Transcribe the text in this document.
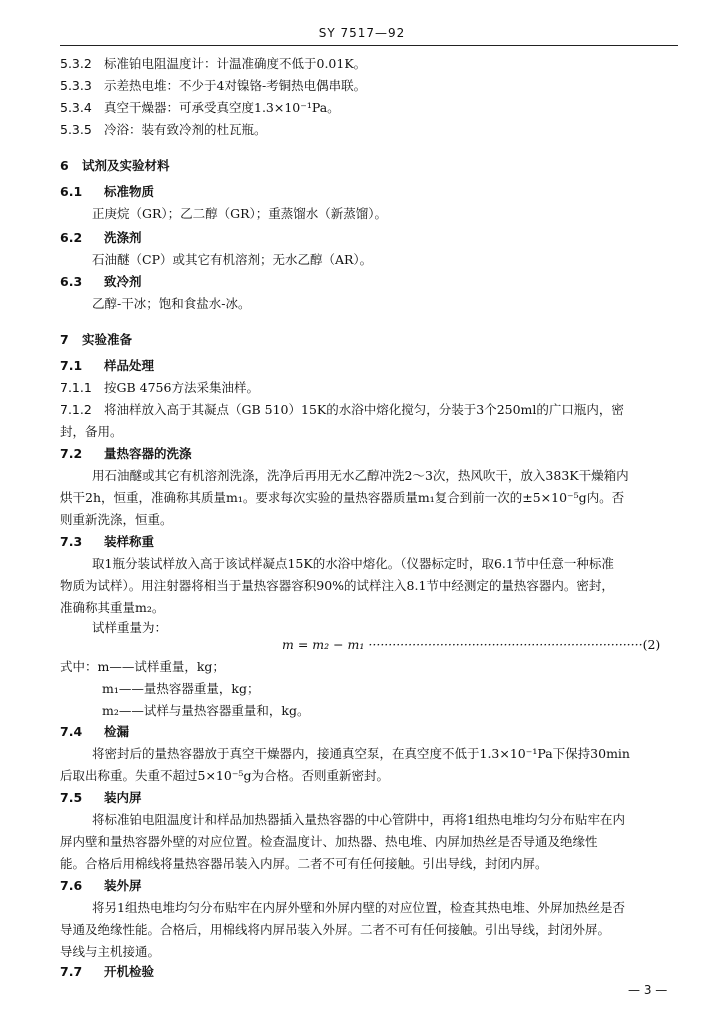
SY 7517—92
5.3.2 标准铂电阻温度计：计温准确度不低于0.01K。
5.3.3 示差热电堆：不少于4对镍铬-考铜热电偶串联。
5.3.4 真空干燥器：可承受真空度1.3×10⁻¹Pa。
5.3.5 冷浴：装有致冷剂的杜瓦瓶。
6 试剂及实验材料
6.1 标准物质
正庚烷（GR）；乙二醇（GR）；重蒸馏水（新蒸馏）。
6.2 洗涤剂
石油醚（CP）或其它有机溶剂；无水乙醇（AR）。
6.3 致冷剂
乙醇-干冰；饱和食盐水-冰。
7 实验准备
7.1 样品处理
7.1.1 按GB 4756方法采集油样。
7.1.2 将油样放入高于其凝点（GB 510）15K的水浴中熔化搅匀，分装于3个250ml的广口瓶内，密
封，备用。
7.2 量热容器的洗涤
用石油醚或其它有机溶剂洗涤，洗净后再用无水乙醇冲洗2～3次，热风吹干，放入383K干燥箱内
烘干2h，恒重，准确称其质量m₁。要求每次实验的量热容器质量m₁复合到前一次的±5×10⁻⁵g内。否
则重新洗涤，恒重。
7.3 装样称重
取1瓶分装试样放入高于该试样凝点15K的水浴中熔化。（仪器标定时，取6.1节中任意一种标准
物质为试样）。用注射器将相当于量热容器容积90%的试样注入8.1节中经测定的量热容器内。密封，
准确称其重量m₂。
试样重量为：
m = m₂ − m₁ ·····································································(2)
式中：m——试样重量，kg；
m₁——量热容器重量，kg；
m₂——试样与量热容器重量和，kg。
7.4 检漏
将密封后的量热容器放于真空干燥器内，接通真空泵，在真空度不低于1.3×10⁻¹Pa下保持30min
后取出称重。失重不超过5×10⁻⁵g为合格。否则重新密封。
7.5 装内屏
将标准铂电阻温度计和样品加热器插入量热容器的中心管阱中，再将1组热电堆均匀分布贴牢在内
屏内壁和量热容器外壁的对应位置。检查温度计、加热器、热电堆、内屏加热丝是否导通及绝缘性
能。合格后用棉线将量热容器吊装入内屏。二者不可有任何接触。引出导线，封闭内屏。
7.6 装外屏
将另1组热电堆均匀分布贴牢在内屏外壁和外屏内壁的对应位置，检查其热电堆、外屏加热丝是否
导通及绝缘性能。合格后，用棉线将内屏吊装入外屏。二者不可有任何接触。引出导线，封闭外屏。
导线与主机接通。
7.7 开机检验
— 3 —
